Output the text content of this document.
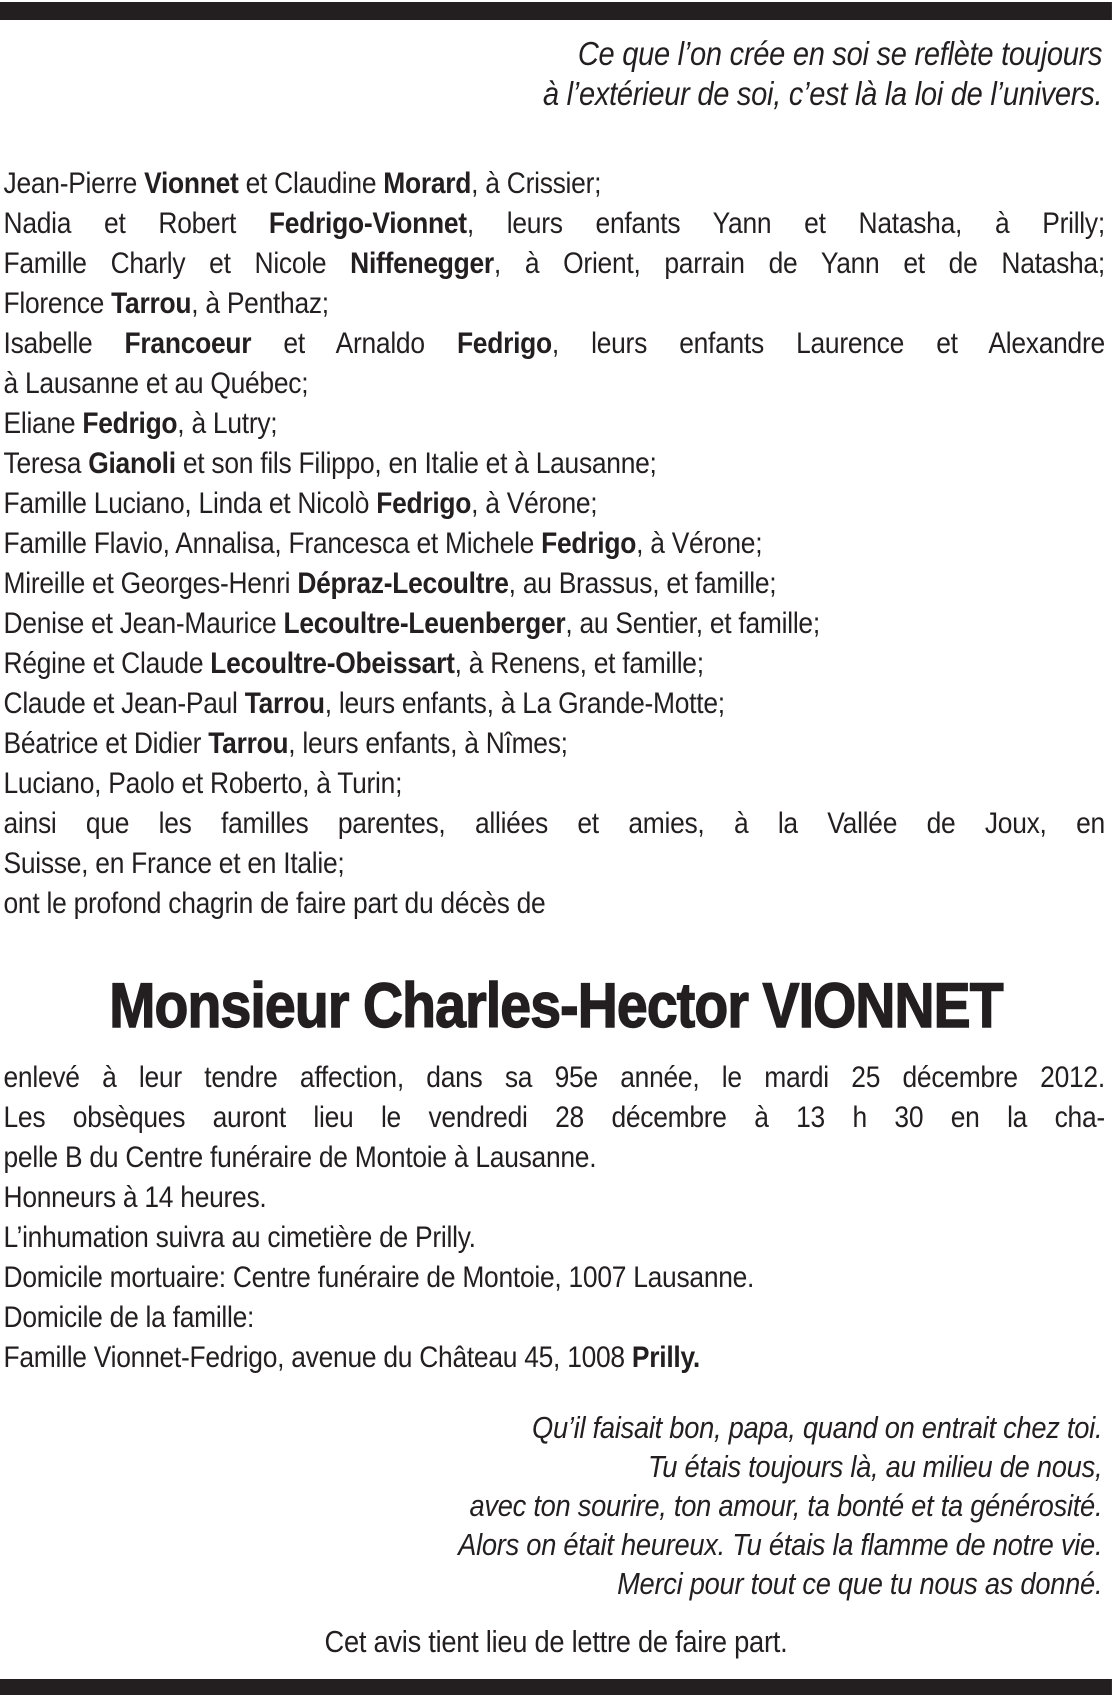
Ce que l’on crée en soi se reflète toujours
à l’extérieur de soi, c’est là la loi de l’univers.
Jean-Pierre Vionnet et Claudine Morard, à Crissier;
Nadia et Robert Fedrigo-Vionnet, leurs enfants Yann et Natasha, à Prilly;
Famille Charly et Nicole Niffenegger, à Orient, parrain de Yann et de Natasha;
Florence Tarrou, à Penthaz;
Isabelle Francoeur et Arnaldo Fedrigo, leurs enfants Laurence et Alexandre
à Lausanne et au Québec;
Eliane Fedrigo, à Lutry;
Teresa Gianoli et son fils Filippo, en Italie et à Lausanne;
Famille Luciano, Linda et Nicolò Fedrigo, à Vérone;
Famille Flavio, Annalisa, Francesca et Michele Fedrigo, à Vérone;
Mireille et Georges-Henri Dépraz-Lecoultre, au Brassus, et famille;
Denise et Jean-Maurice Lecoultre-Leuenberger, au Sentier, et famille;
Régine et Claude Lecoultre-Obeissart, à Renens, et famille;
Claude et Jean-Paul Tarrou, leurs enfants, à La Grande-Motte;
Béatrice et Didier Tarrou, leurs enfants, à Nîmes;
Luciano, Paolo et Roberto, à Turin;
ainsi que les familles parentes, alliées et amies, à la Vallée de Joux, en
Suisse, en France et en Italie;
ont le profond chagrin de faire part du décès de
Monsieur Charles-Hector VIONNET
enlevé à leur tendre affection, dans sa 95e année, le mardi 25 décembre 2012.
Les obsèques auront lieu le vendredi 28 décembre à 13 h 30 en la cha-
pelle B du Centre funéraire de Montoie à Lausanne.
Honneurs à 14 heures.
L’inhumation suivra au cimetière de Prilly.
Domicile mortuaire: Centre funéraire de Montoie, 1007 Lausanne.
Domicile de la famille:
Famille Vionnet-Fedrigo, avenue du Château 45, 1008 Prilly.
Qu’il faisait bon, papa, quand on entrait chez toi.
Tu étais toujours là, au milieu de nous,
avec ton sourire, ton amour, ta bonté et ta générosité.
Alors on était heureux. Tu étais la flamme de notre vie.
Merci pour tout ce que tu nous as donné.
Cet avis tient lieu de lettre de faire part.
